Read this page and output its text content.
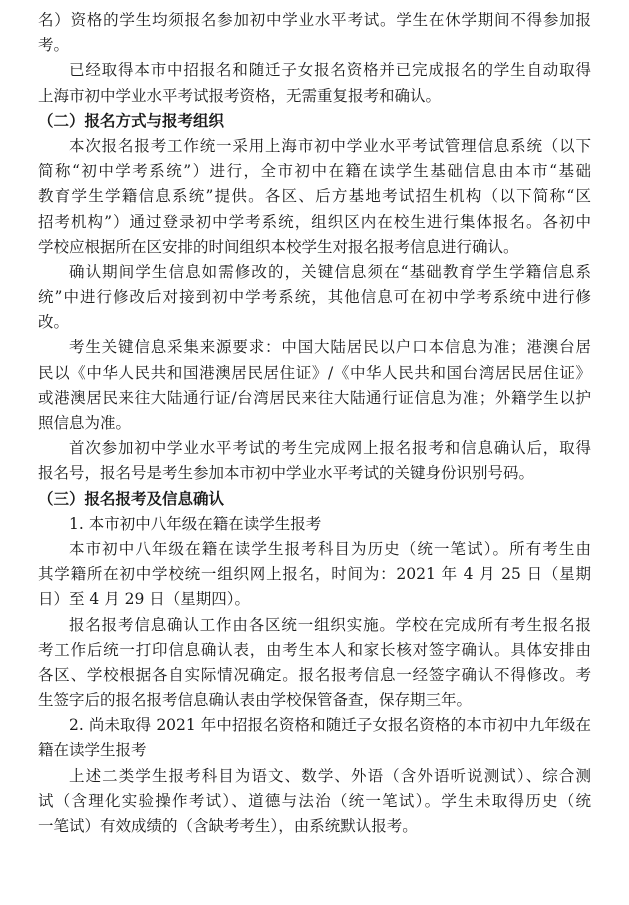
名）资格的学生均须报名参加初中学业水平考试。学生在休学期间不得参加报
考。
已经取得本市中招报名和随迁子女报名资格并已完成报名的学生自动取得
上海市初中学业水平考试报考资格，无需重复报考和确认。
（二）报名方式与报考组织
本次报名报考工作统一采用上海市初中学业水平考试管理信息系统（以下
简称“初中学考系统”）进行，全市初中在籍在读学生基础信息由本市“基础
教育学生学籍信息系统”提供。各区、后方基地考试招生机构（以下简称“区
招考机构”）通过登录初中学考系统，组织区内在校生进行集体报名。各初中
学校应根据所在区安排的时间组织本校学生对报名报考信息进行确认。
确认期间学生信息如需修改的，关键信息须在“基础教育学生学籍信息系
统”中进行修改后对接到初中学考系统，其他信息可在初中学考系统中进行修
改。
考生关键信息采集来源要求：中国大陆居民以户口本信息为准；港澳台居
民以《中华人民共和国港澳居民居住证》/《中华人民共和国台湾居民居住证》
或港澳居民来往大陆通行证/台湾居民来往大陆通行证信息为准；外籍学生以护
照信息为准。
首次参加初中学业水平考试的考生完成网上报名报考和信息确认后，取得
报名号，报名号是考生参加本市初中学业水平考试的关键身份识别号码。
（三）报名报考及信息确认
1. 本市初中八年级在籍在读学生报考
本市初中八年级在籍在读学生报考科目为历史（统一笔试）。所有考生由
其学籍所在初中学校统一组织网上报名，时间为：2021 年 4 月 25 日（星期
日）至 4 月 29 日（星期四）。
报名报考信息确认工作由各区统一组织实施。学校在完成所有考生报名报
考工作后统一打印信息确认表，由考生本人和家长核对签字确认。具体安排由
各区、学校根据各自实际情况确定。报名报考信息一经签字确认不得修改。考
生签字后的报名报考信息确认表由学校保管备查，保存期三年。
2. 尚未取得 2021 年中招报名资格和随迁子女报名资格的本市初中九年级在
籍在读学生报考
上述二类学生报考科目为语文、数学、外语（含外语听说测试）、综合测
试（含理化实验操作考试）、道德与法治（统一笔试）。学生未取得历史（统
一笔试）有效成绩的（含缺考考生），由系统默认报考。
